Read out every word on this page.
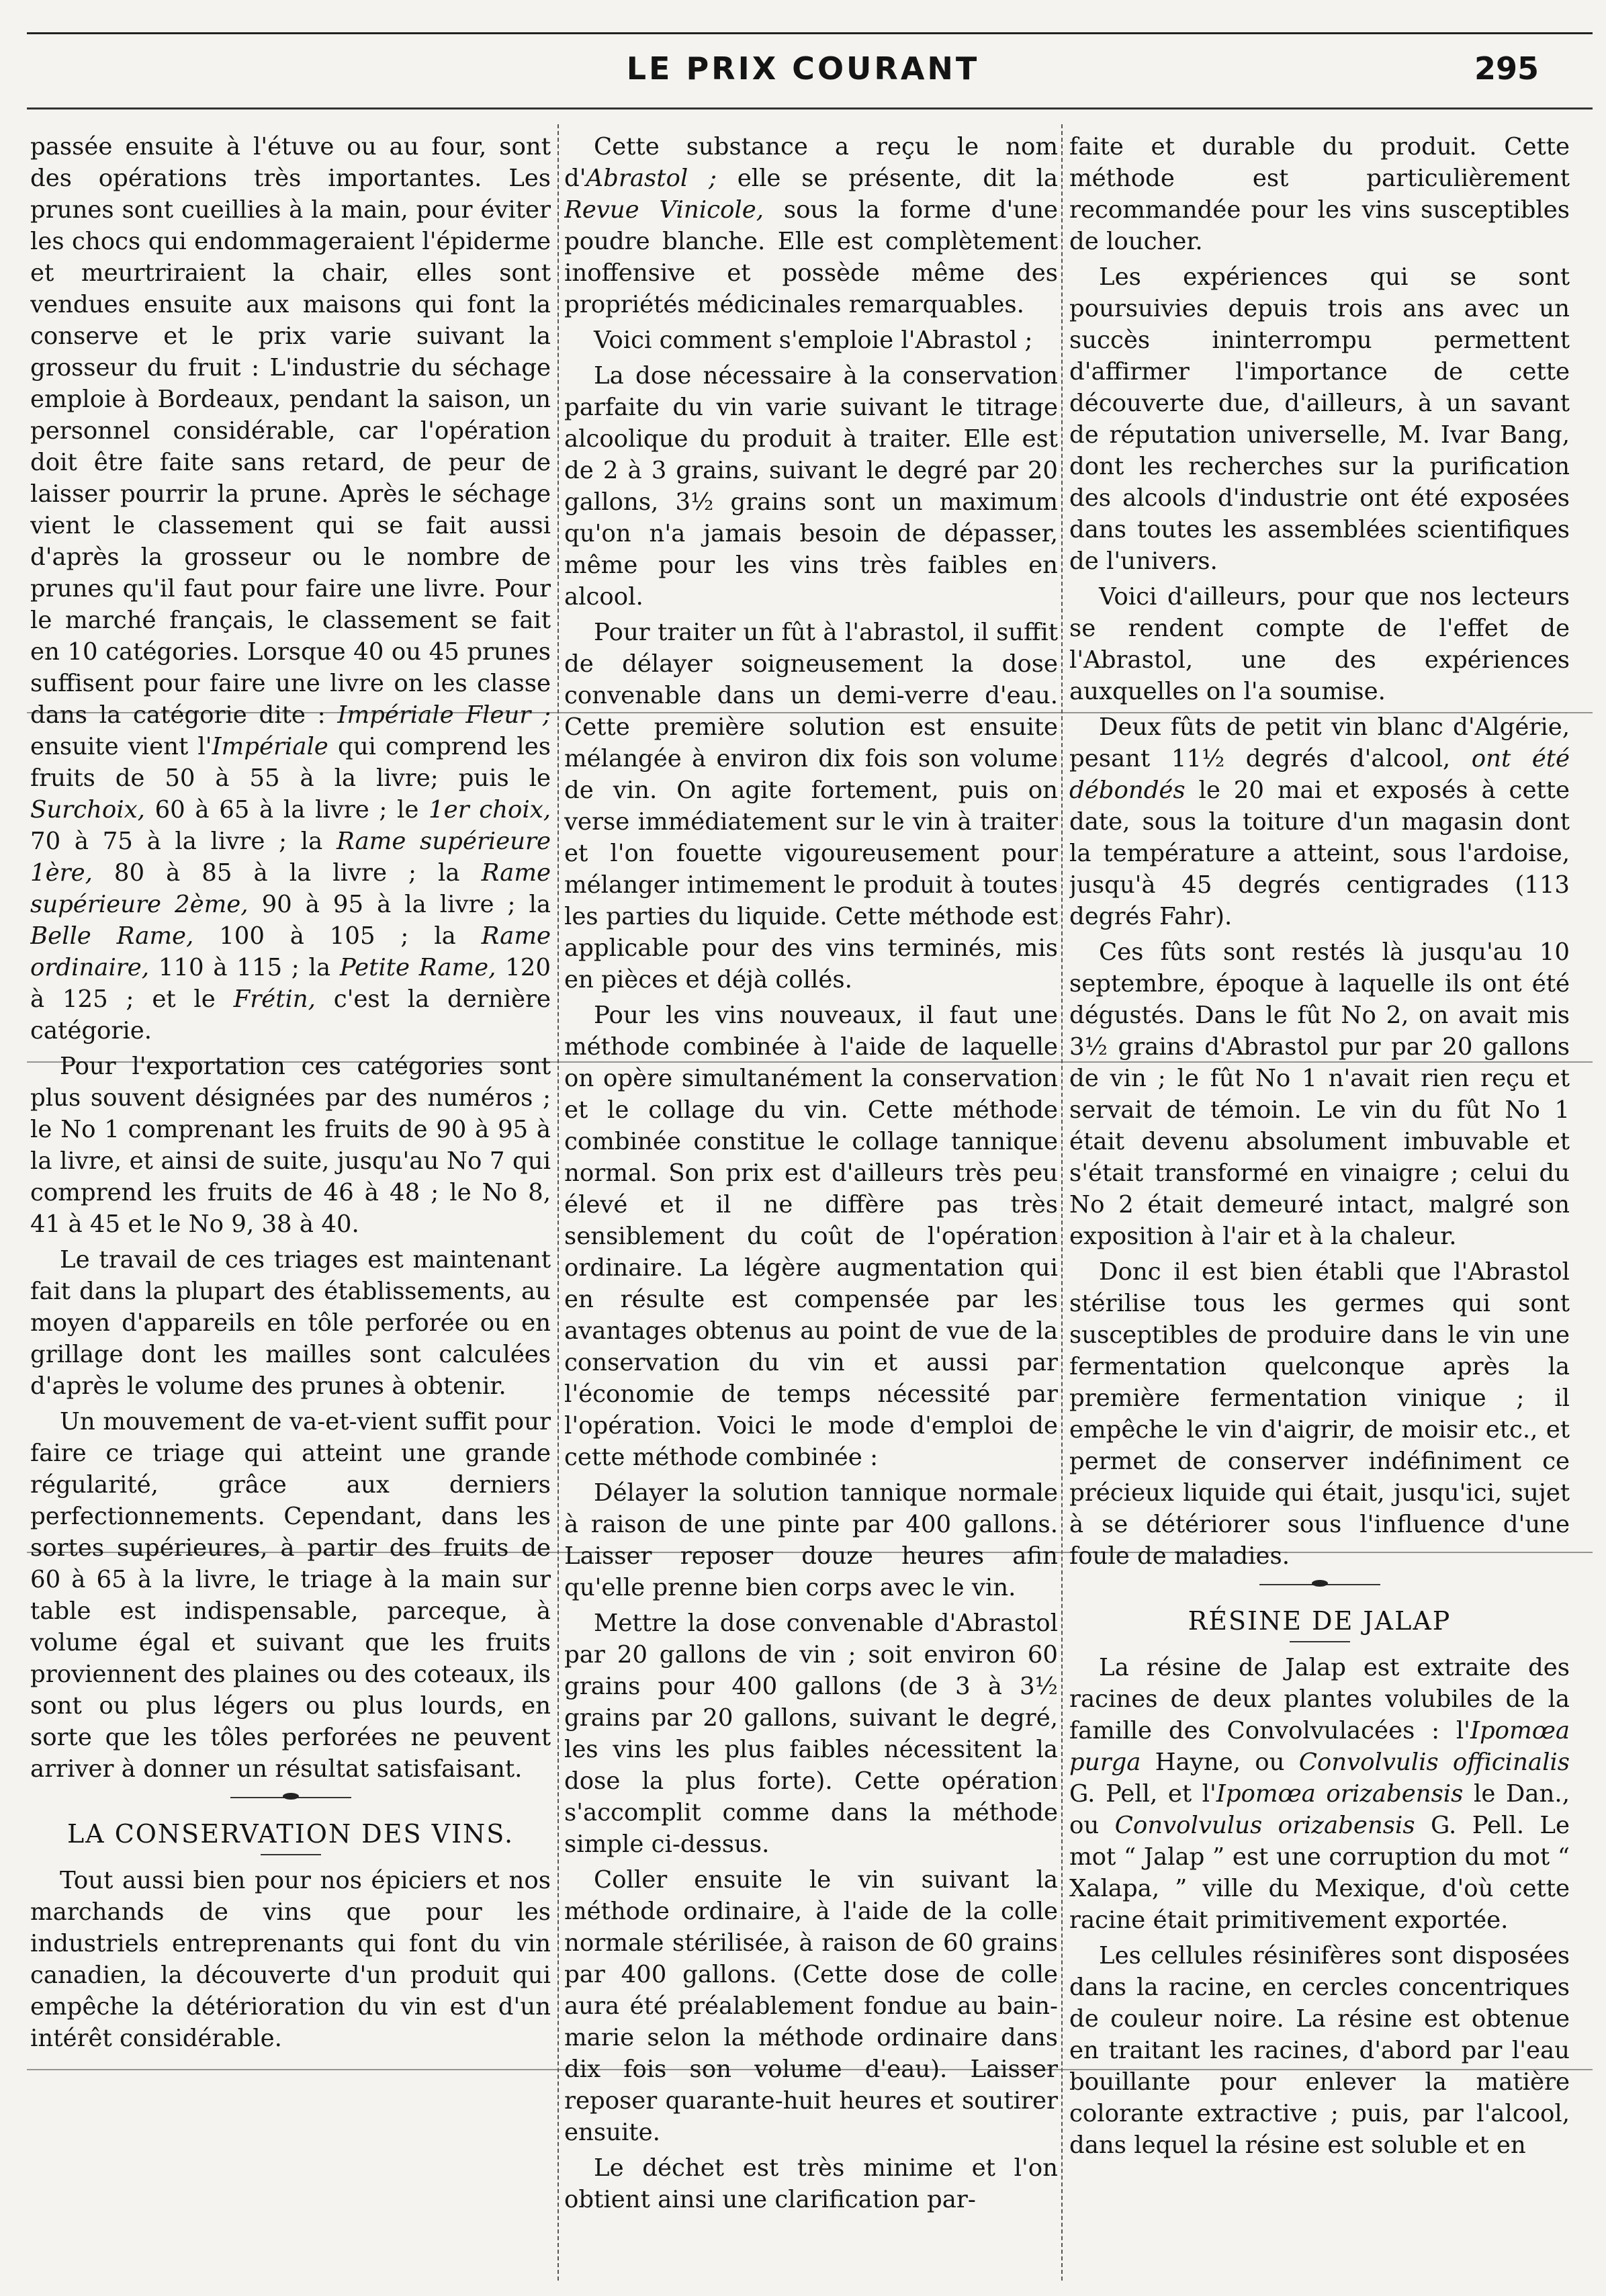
LE PRIX COURANT	295

passée ensuite à l'étuve ou au four, sont des opérations très importantes. Les prunes sont cueillies à la main, pour éviter les chocs qui endommageraient l'épiderme et meurtriraient la chair, elles sont vendues ensuite aux maisons qui font la conserve et le prix varie suivant la grosseur du fruit : L'industrie du séchage emploie à Bordeaux, pendant la saison, un personnel considérable, car l'opération doit être faite sans retard, de peur de laisser pourrir la prune. Après le séchage vient le classement qui se fait aussi d'après la grosseur ou le nombre de prunes qu'il faut pour faire une livre. Pour le marché français, le classement se fait en 10 catégories. Lorsque 40 ou 45 prunes suffisent pour faire une livre on les classe dans la catégorie dite : Impériale Fleur ; ensuite vient l'Impériale qui comprend les fruits de 50 à 55 à la livre; puis le Surchoix, 60 à 65 à la livre ; le 1er choix, 70 à 75 à la livre ; la Rame supérieure 1ère, 80 à 85 à la livre ; la Rame supérieure 2ème, 90 à 95 à la livre ; la Belle Rame, 100 à 105 ; la Rame ordinaire, 110 à 115 ; la Petite Rame, 120 à 125 ; et le Frétin, c'est la dernière catégorie.

Pour l'exportation ces catégories sont plus souvent désignées par des numéros ; le No 1 comprenant les fruits de 90 à 95 à la livre, et ainsi de suite, jusqu'au No 7 qui comprend les fruits de 46 à 48 ; le No 8, 41 à 45 et le No 9, 38 à 40.

Le travail de ces triages est maintenant fait dans la plupart des établissements, au moyen d'appareils en tôle perforée ou en grillage dont les mailles sont calculées d'après le volume des prunes à obtenir.

Un mouvement de va-et-vient suffit pour faire ce triage qui atteint une grande régularité, grâce aux derniers perfectionnements. Cependant, dans les sortes supérieures, à partir des fruits de 60 à 65 à la livre, le triage à la main sur table est indispensable, parceque, à volume égal et suivant que les fruits proviennent des plaines ou des coteaux, ils sont ou plus légers ou plus lourds, en sorte que les tôles perforées ne peuvent arriver à donner un résultat satisfaisant.

LA CONSERVATION DES VINS.

Tout aussi bien pour nos épiciers et nos marchands de vins que pour les industriels entreprenants qui font du vin canadien, la découverte d'un produit qui empêche la détérioration du vin est d'un intérêt considérable.

Cette substance a reçu le nom d'Abrastol ; elle se présente, dit la Revue Vinicole, sous la forme d'une poudre blanche. Elle est complètement inoffensive et possède même des propriétés médicinales remarquables.

Voici comment s'emploie l'Abrastol ;

La dose nécessaire à la conservation parfaite du vin varie suivant le titrage alcoolique du produit à traiter. Elle est de 2 à 3 grains, suivant le degré par 20 gallons, 3½ grains sont un maximum qu'on n'a jamais besoin de dépasser, même pour les vins très faibles en alcool.

Pour traiter un fût à l'abrastol, il suffit de délayer soigneusement la dose convenable dans un demi-verre d'eau. Cette première solution est ensuite mélangée à environ dix fois son volume de vin. On agite fortement, puis on verse immédiatement sur le vin à traiter et l'on fouette vigoureusement pour mélanger intimement le produit à toutes les parties du liquide. Cette méthode est applicable pour des vins terminés, mis en pièces et déjà collés.

Pour les vins nouveaux, il faut une méthode combinée à l'aide de laquelle on opère simultanément la conservation et le collage du vin. Cette méthode combinée constitue le collage tannique normal. Son prix est d'ailleurs très peu élevé et il ne diffère pas très sensiblement du coût de l'opération ordinaire. La légère augmentation qui en résulte est compensée par les avantages obtenus au point de vue de la conservation du vin et aussi par l'économie de temps nécessité par l'opération. Voici le mode d'emploi de cette méthode combinée :

Délayer la solution tannique normale à raison de une pinte par 400 gallons. Laisser reposer douze heures afin qu'elle prenne bien corps avec le vin.

Mettre la dose convenable d'Abrastol par 20 gallons de vin ; soit environ 60 grains pour 400 gallons (de 3 à 3½ grains par 20 gallons, suivant le degré, les vins les plus faibles nécessitent la dose la plus forte). Cette opération s'accomplit comme dans la méthode simple ci-dessus.

Coller ensuite le vin suivant la méthode ordinaire, à l'aide de la colle normale stérilisée, à raison de 60 grains par 400 gallons. (Cette dose de colle aura été préalablement fondue au bain-marie selon la méthode ordinaire dans dix fois son volume d'eau). Laisser reposer quarante-huit heures et soutirer ensuite.

Le déchet est très minime et l'on obtient ainsi une clarification par-

faite et durable du produit. Cette méthode est particulièrement recommandée pour les vins susceptibles de loucher.

Les expériences qui se sont poursuivies depuis trois ans avec un succès ininterrompu permettent d'affirmer l'importance de cette découverte due, d'ailleurs, à un savant de réputation universelle, M. Ivar Bang, dont les recherches sur la purification des alcools d'industrie ont été exposées dans toutes les assemblées scientifiques de l'univers.

Voici d'ailleurs, pour que nos lecteurs se rendent compte de l'effet de l'Abrastol, une des expériences auxquelles on l'a soumise.

Deux fûts de petit vin blanc d'Algérie, pesant 11½ degrés d'alcool, ont été débondés le 20 mai et exposés à cette date, sous la toiture d'un magasin dont la température a atteint, sous l'ardoise, jusqu'à 45 degrés centigrades (113 degrés Fahr).

Ces fûts sont restés là jusqu'au 10 septembre, époque à laquelle ils ont été dégustés. Dans le fût No 2, on avait mis 3½ grains d'Abrastol pur par 20 gallons de vin ; le fût No 1 n'avait rien reçu et servait de témoin. Le vin du fût No 1 était devenu absolument imbuvable et s'était transformé en vinaigre ; celui du No 2 était demeuré intact, malgré son exposition à l'air et à la chaleur.

Donc il est bien établi que l'Abrastol stérilise tous les germes qui sont susceptibles de produire dans le vin une fermentation quelconque après la première fermentation vinique ; il empêche le vin d'aigrir, de moisir etc., et permet de conserver indéfiniment ce précieux liquide qui était, jusqu'ici, sujet à se détériorer sous l'influence d'une foule de maladies.

RÉSINE DE JALAP

La résine de Jalap est extraite des racines de deux plantes volubiles de la famille des Convolvulacées : l'Ipomœa purga Hayne, ou Convolvulis officinalis G. Pell, et l'Ipomœa orizabensis le Dan., ou Convolvulus orizabensis G. Pell. Le mot “ Jalap ” est une corruption du mot “ Xalapa, ” ville du Mexique, d'où cette racine était primitivement exportée.

Les cellules résinifères sont disposées dans la racine, en cercles concentriques de couleur noire. La résine est obtenue en traitant les racines, d'abord par l'eau bouillante pour enlever la matière colorante extractive ; puis, par l'alcool, dans lequel la résine est soluble et en
